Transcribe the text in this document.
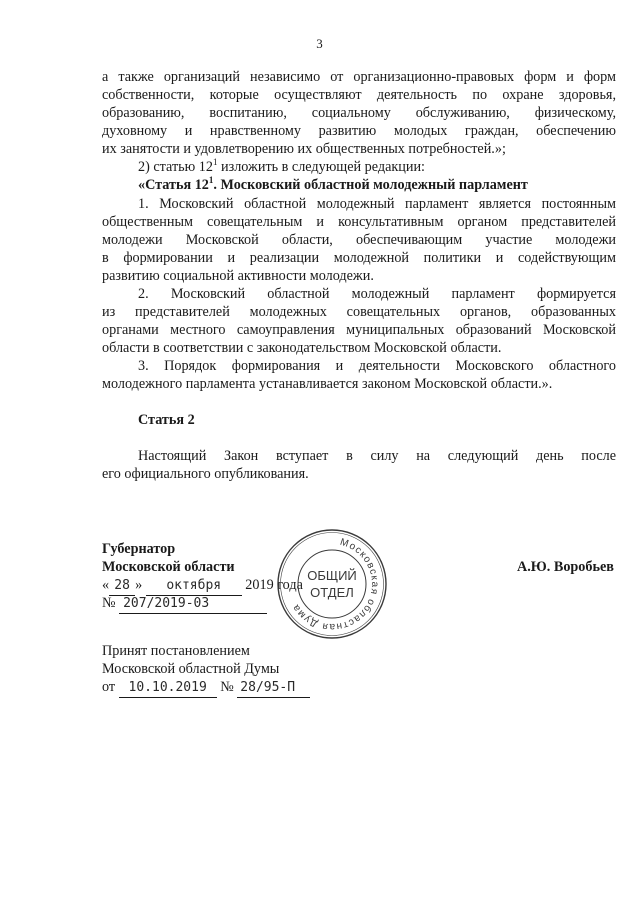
3
а также организаций независимо от организационно-правовых форм и форм
собственности, которые осуществляют деятельность по охране здоровья,
образованию, воспитанию, социальному обслуживанию, физическому,
духовному и нравственному развитию молодых граждан, обеспечению
их занятости и удовлетворению их общественных потребностей.»;
2) статью $12^1$ изложить в следующей редакции:
«Статья $12^1$. Московский областной молодежный парламент
1. Московский областной молодежный парламент является постоянным
общественным совещательным и консультативным органом представителей
молодежи Московской области, обеспечивающим участие молодежи
в формировании и реализации молодежной политики и содействующим
развитию социальной активности молодежи.
2. Московский областной молодежный парламент формируется
из представителей молодежных совещательных органов, образованных
органами местного самоуправления муниципальных образований Московской
области в соответствии с законодательством Московской области.
3. Порядок формирования и деятельности Московского областного
молодежного парламента устанавливается законом Московской области.».
Статья 2
Настоящий Закон вступает в силу на следующий день после
его официального опубликования.
Губернатор
Московской области	А.Ю. Воробьев
« 28 » октября 2019 года
№ 207/2019-03
Московская областная Дума
ОБЩИЙ
ОТДЕЛ
Принят постановлением
Московской областной Думы
от 10.10.2019 № 28/95-П
